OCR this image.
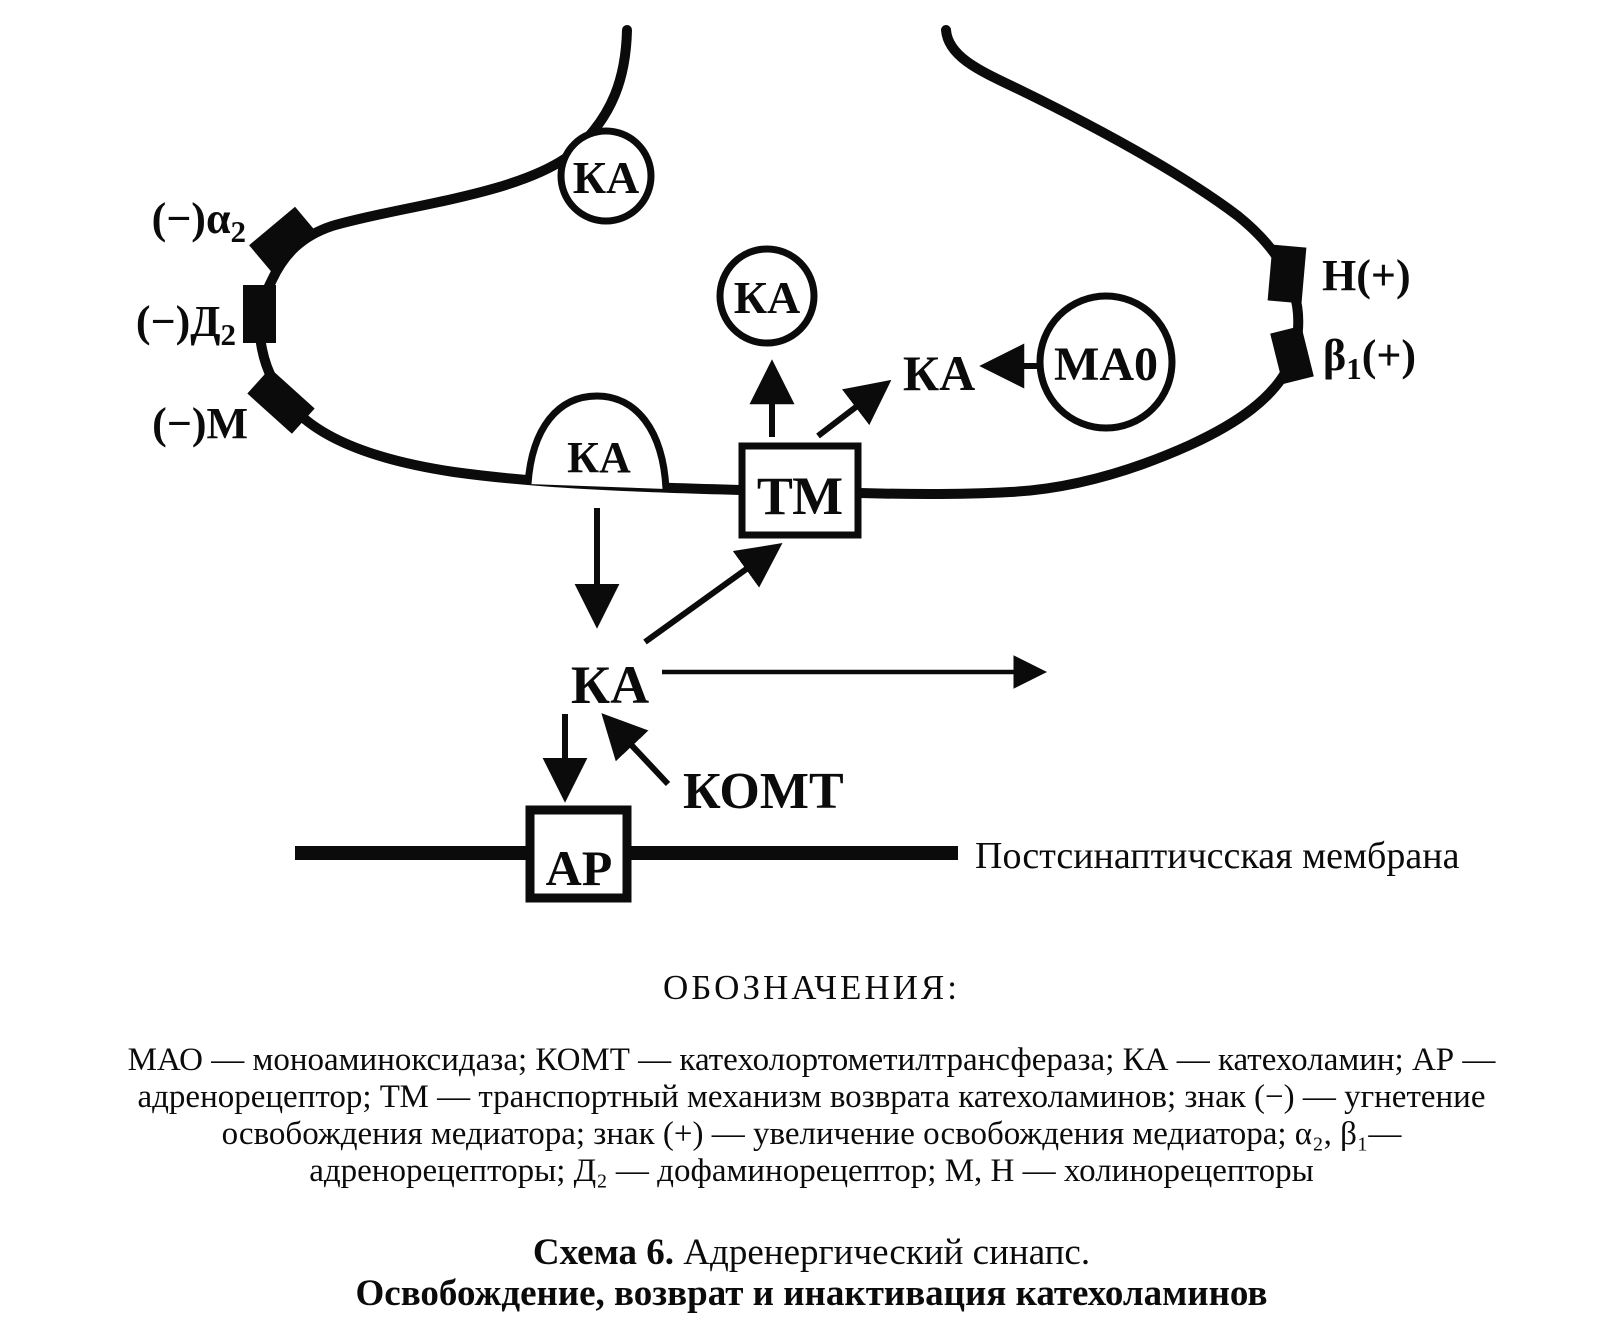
КА
КА
КА
МА0
КА
ТМ
КА
КОМТ
АР	Постсинаптичсская мембрана
$(-)\alpha_2$
$(-)Д_2$
(−)М
Н(+)
$\beta_1(+)$
ОБОЗНАЧЕНИЯ:
МАО — моноаминоксидаза; КОМТ — катехолортометилтрансфераза; КА — катехоламин; АР —
адренорецептор; ТМ — транспортный механизм возврата катехоламинов; знак (−) — угнетение
освобождения медиатора; знак (+) — увеличение освобождения медиатора; α₂, β₁—
адренорецепторы; Д₂ — дофаминорецептор; М, Н — холинорецепторы
Схема 6. Адренергический синапс.
Освобождение, возврат и инактивация катехоламинов
